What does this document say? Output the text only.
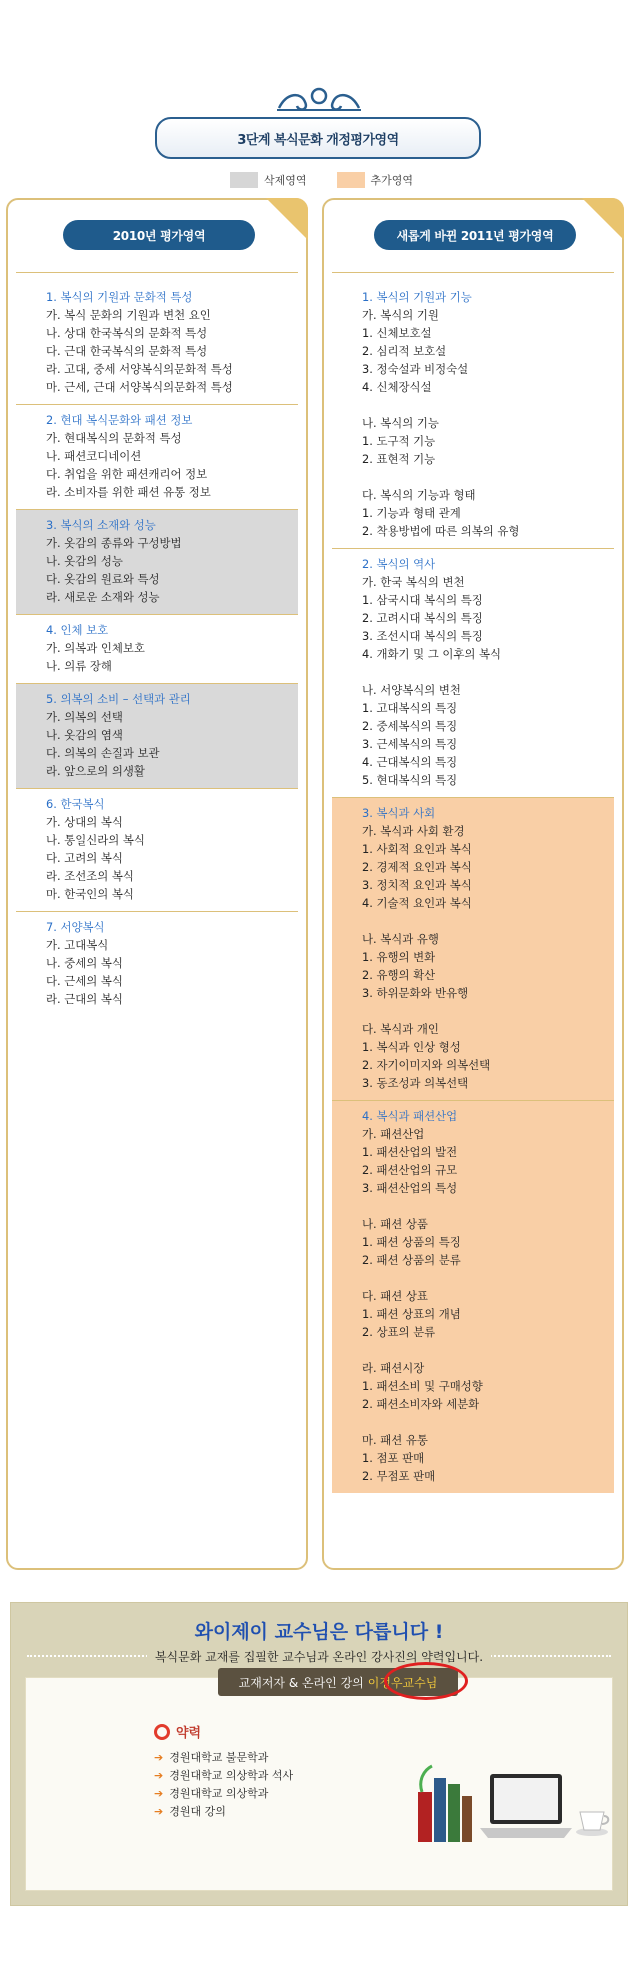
3단계 복식문화 개정평가영역
삭제영역	추가영역
2010년 평가영역
1. 복식의 기원과 문화적 특성
가. 복식 문화의 기원과 변천 요인
나. 상대 한국복식의 문화적 특성
다. 근대 한국복식의 문화적 특성
라. 고대, 중세 서양복식의문화적 특성
마. 근세, 근대 서양복식의문화적 특성
2. 현대 복식문화와 패션 정보
가. 현대복식의 문화적 특성
나. 패션코디네이션
다. 취업을 위한 패션캐리어 정보
라. 소비자를 위한 패션 유통 정보
3. 복식의 소재와 성능
가. 옷감의 종류와 구성방법
나. 옷감의 성능
다. 옷감의 원료와 특성
라. 새로운 소재와 성능
4. 인체 보호
가. 의복과 인체보호
나. 의류 장해
5. 의복의 소비 – 선택과 관리
가. 의복의 선택
나. 옷감의 염색
다. 의복의 손질과 보관
라. 앞으로의 의생활
6. 한국복식
가. 상대의 복식
나. 통일신라의 복식
다. 고려의 복식
라. 조선조의 복식
마. 한국인의 복식
7. 서양복식
가. 고대복식
나. 중세의 복식
다. 근세의 복식
라. 근대의 복식
새롭게 바뀐 2011년 평가영역
1. 복식의 기원과 기능
가. 복식의 기원
1. 신체보호설
2. 심리적 보호설
3. 정숙설과 비정숙설
4. 신체장식설
나. 복식의 기능
1. 도구적 기능
2. 표현적 기능
다. 복식의 기능과 형태
1. 기능과 형태 관계
2. 착용방법에 따른 의복의 유형
2. 복식의 역사
가. 한국 복식의 변천
1. 삼국시대 복식의 특징
2. 고려시대 복식의 특징
3. 조선시대 복식의 특징
4. 개화기 및 그 이후의 복식
나. 서양복식의 변천
1. 고대복식의 특징
2. 중세복식의 특징
3. 근세복식의 특징
4. 근대복식의 특징
5. 현대복식의 특징
3. 복식과 사회
가. 복식과 사회 환경
1. 사회적 요인과 복식
2. 경제적 요인과 복식
3. 정치적 요인과 복식
4. 기술적 요인과 복식
나. 복식과 유행
1. 유행의 변화
2. 유행의 확산
3. 하위문화와 반유행
다. 복식과 개인
1. 복식과 인상 형성
2. 자기이미지와 의복선택
3. 동조성과 의복선택
4. 복식과 패션산업
가. 패션산업
1. 패션산업의 발전
2. 패션산업의 규모
3. 패션산업의 특성
나. 패션 상품
1. 패션 상품의 특징
2. 패션 상품의 분류
다. 패션 상표
1. 패션 상표의 개념
2. 상표의 분류
라. 패션시장
1. 패션소비 및 구매성향
2. 패션소비자와 세분화
마. 패션 유통
1. 점포 판매
2. 무점포 판매
와이제이 교수님은 다릅니다 !
복식문화 교재를 집필한 교수님과 온라인 강사진의 약력입니다.
교재저자 & 온라인 강의 이정우교수님
약력
➔ 경원대학교 불문학과
➔ 경원대학교 의상학과 석사
➔ 경원대학교 의상학과
➔ 경원대 강의
